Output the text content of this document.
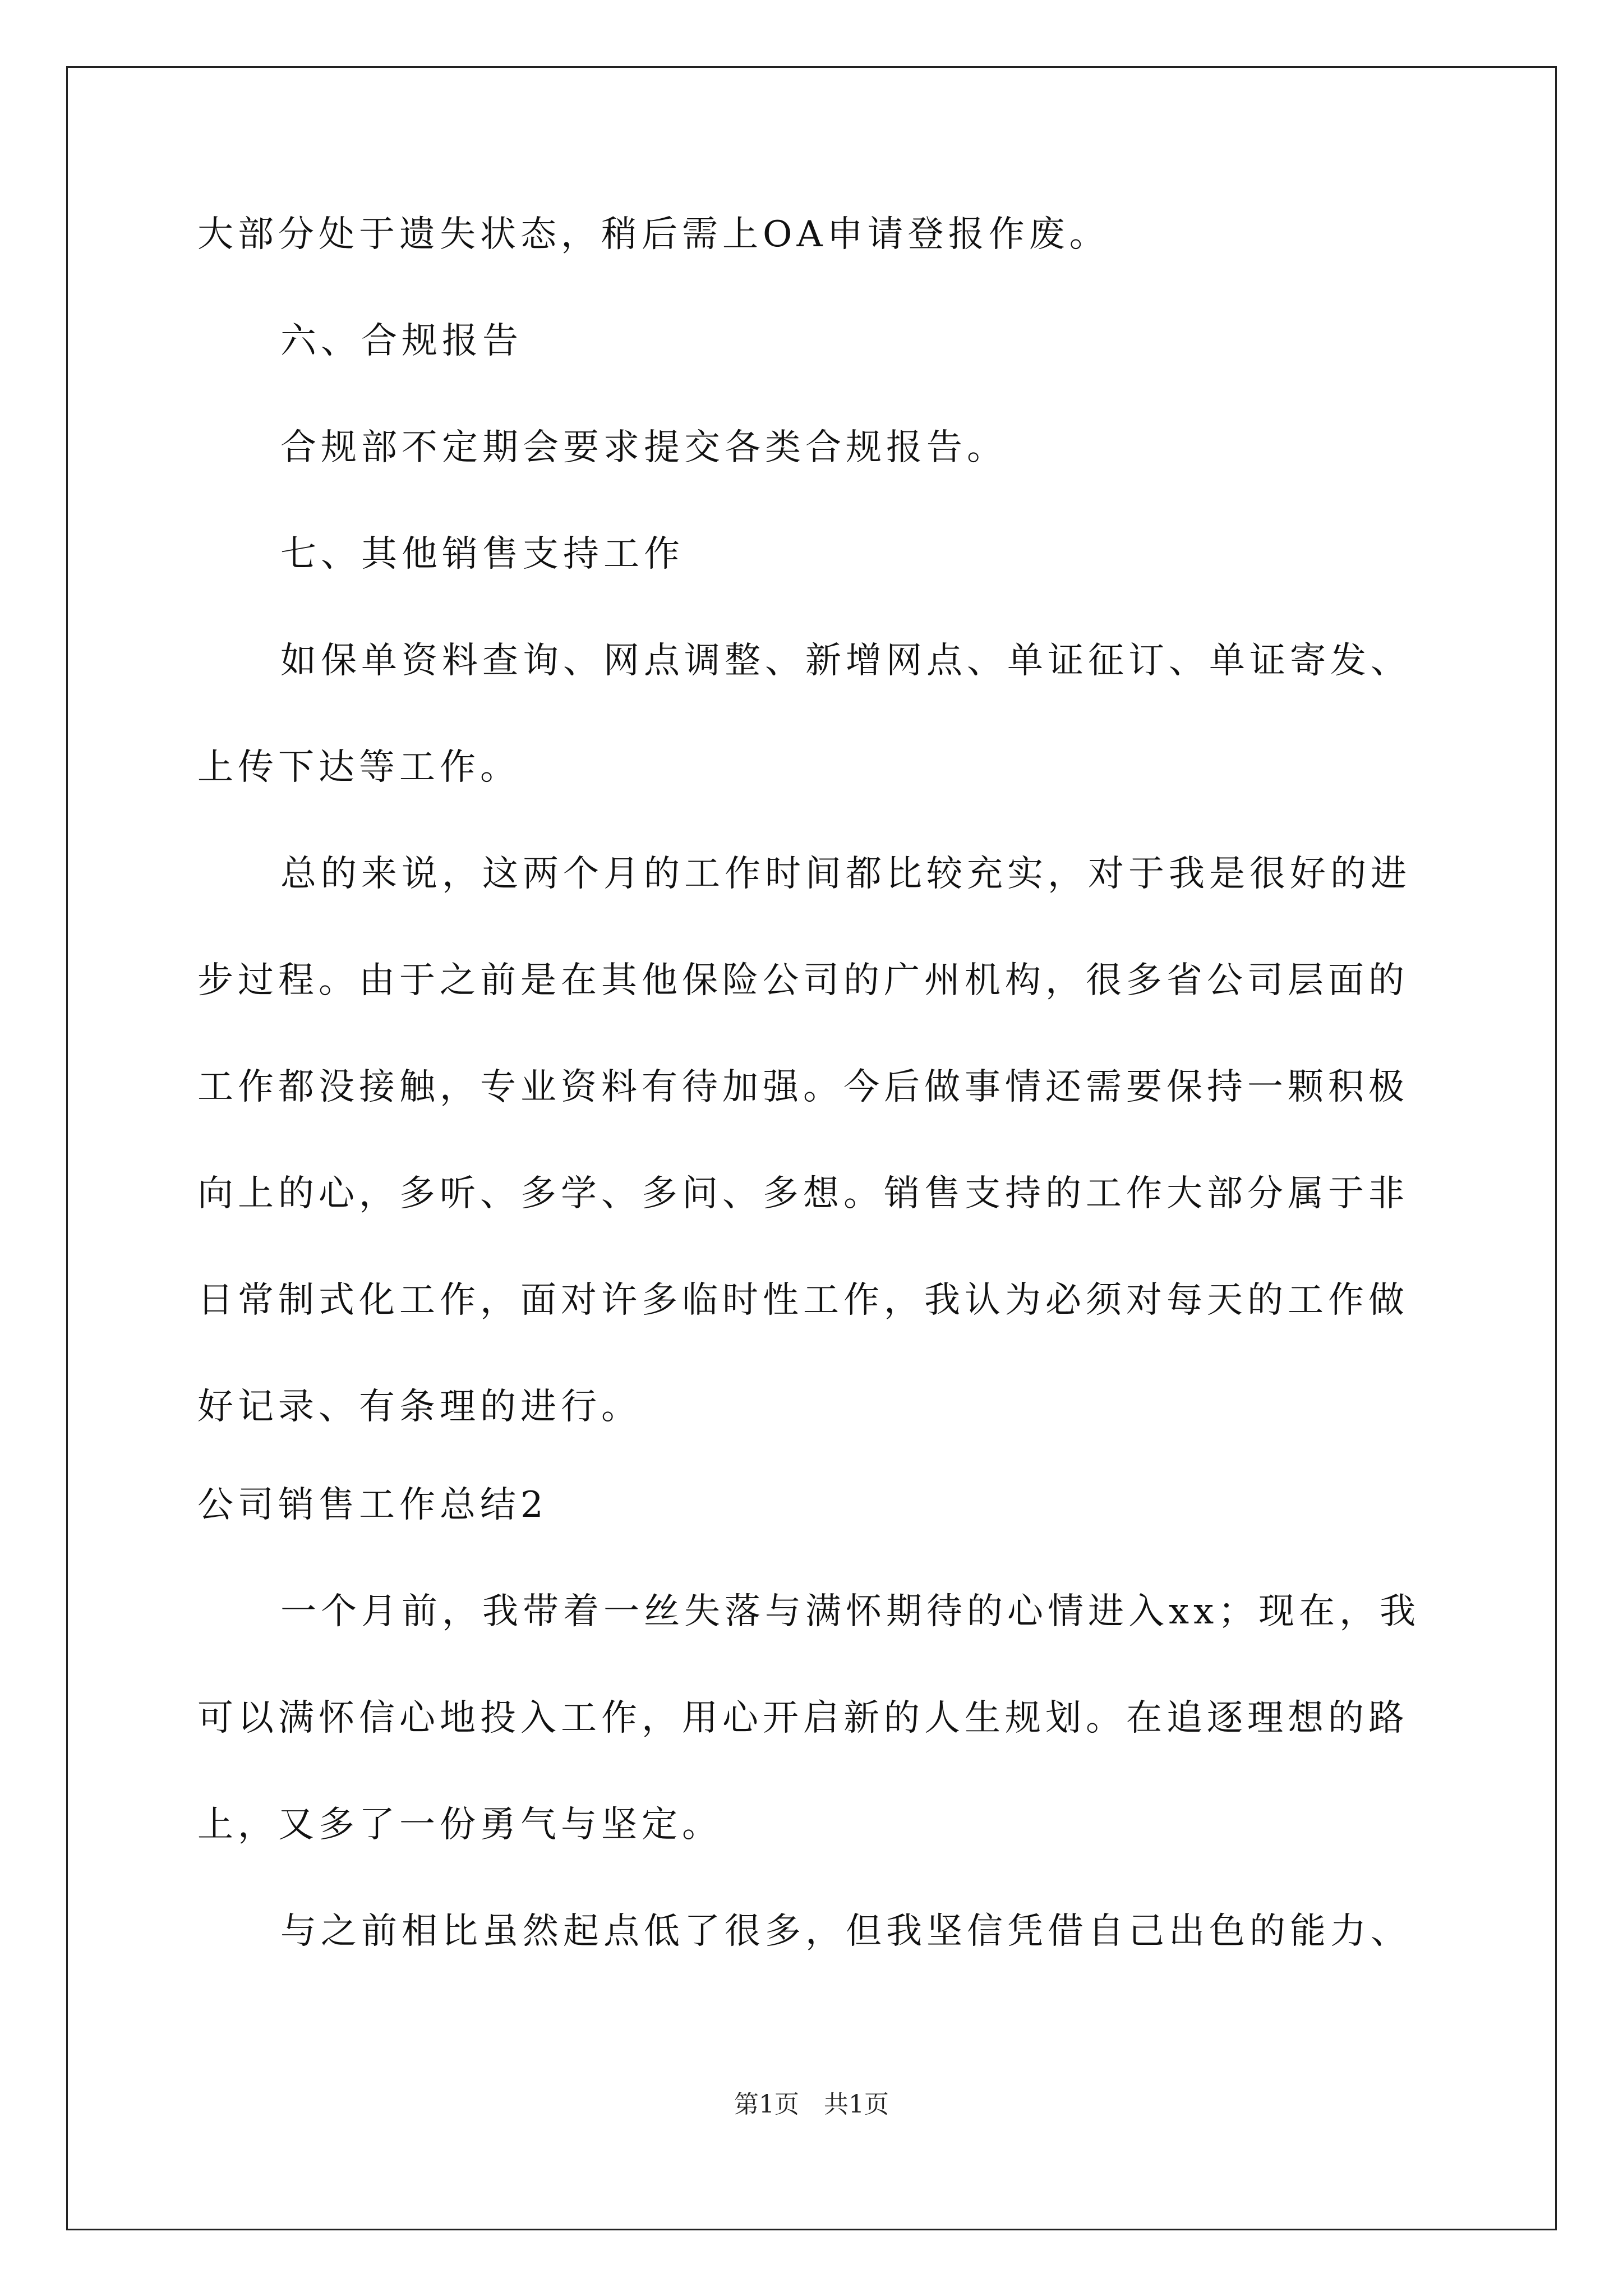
大部分处于遗失状态，稍后需上OA申请登报作废。
六、合规报告
合规部不定期会要求提交各类合规报告。
七、其他销售支持工作
如保单资料查询、网点调整、新增网点、单证征订、单证寄发、
上传下达等工作。
总的来说，这两个月的工作时间都比较充实，对于我是很好的进
步过程。由于之前是在其他保险公司的广州机构，很多省公司层面的
工作都没接触，专业资料有待加强。今后做事情还需要保持一颗积极
向上的心，多听、多学、多问、多想。销售支持的工作大部分属于非
日常制式化工作，面对许多临时性工作，我认为必须对每天的工作做
好记录、有条理的进行。
公司销售工作总结2
一个月前，我带着一丝失落与满怀期待的心情进入xx；现在，我
可以满怀信心地投入工作，用心开启新的人生规划。在追逐理想的路
上，又多了一份勇气与坚定。
与之前相比虽然起点低了很多，但我坚信凭借自己出色的能力、
第1页　共1页
